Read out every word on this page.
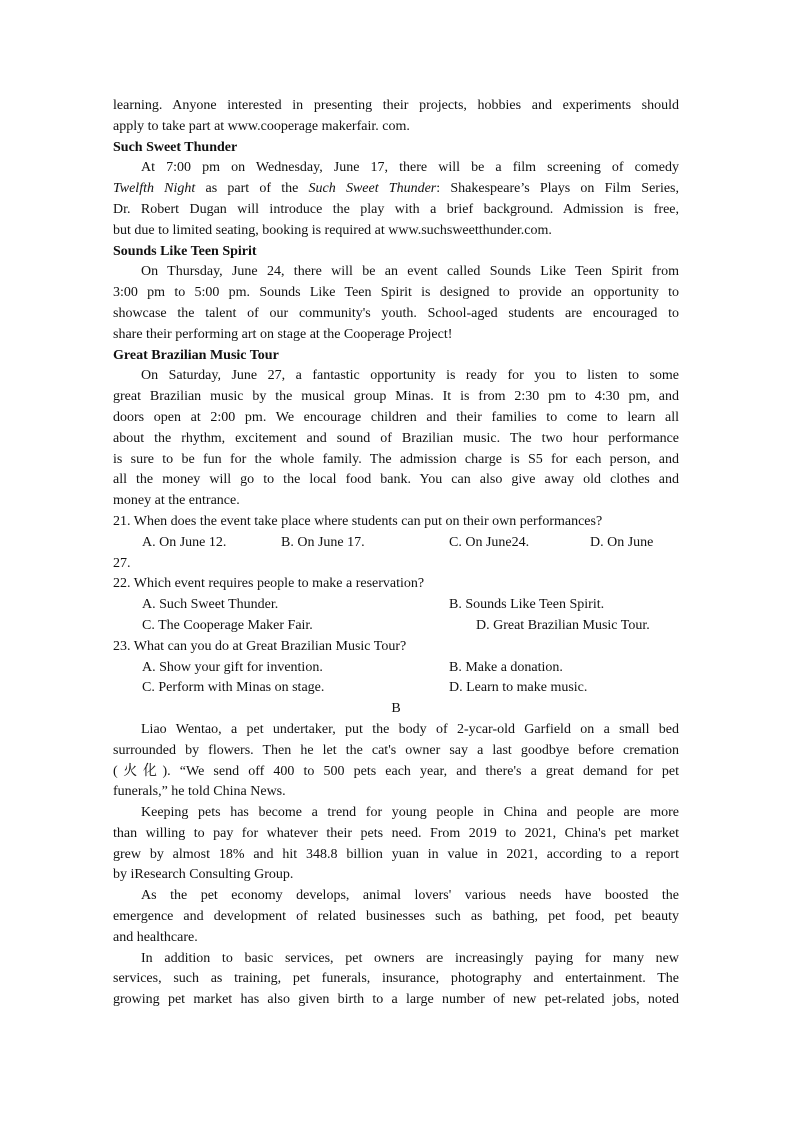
learning. Anyone interested in presenting their projects, hobbies and experiments should
apply to take part at www.cooperage makerfair. com.
Such Sweet Thunder
At 7:00 pm on Wednesday, June 17, there will be a film screening of comedy
Twelfth Night as part of the Such Sweet Thunder: Shakespeare’s Plays on Film Series,
Dr. Robert Dugan will introduce the play with a brief background. Admission is free,
but due to limited seating, booking is required at www.suchsweetthunder.com.
Sounds Like Teen Spirit
On Thursday, June 24, there will be an event called Sounds Like Teen Spirit from
3:00 pm to 5:00 pm. Sounds Like Teen Spirit is designed to provide an opportunity to
showcase the talent of our community's youth. School-aged students are encouraged to
share their performing art on stage at the Cooperage Project!
Great Brazilian Music Tour
On Saturday, June 27, a fantastic opportunity is ready for you to listen to some
great Brazilian music by the musical group Minas. It is from 2:30 pm to 4:30 pm, and
doors open at 2:00 pm. We encourage children and their families to come to learn all
about the rhythm, excitement and sound of Brazilian music. The two hour performance
is sure to be fun for the whole family. The admission charge is S5 for each person, and
all the money will go to the local food bank. You can also give away old clothes and
money at the entrance.
21. When does the event take place where students can put on their own performances?
A. On June 12.	B. On June 17.	C. On June24.	D. On June
27.
22. Which event requires people to make a reservation?
A. Such Sweet Thunder.	B. Sounds Like Teen Spirit.
C. The Cooperage Maker Fair.	D. Great Brazilian Music Tour.
23. What can you do at Great Brazilian Music Tour?
A. Show your gift for invention.	B. Make a donation.
C. Perform with Minas on stage.	D. Learn to make music.
B
Liao Wentao, a pet undertaker, put the body of 2-ycar-old Garfield on a small bed
surrounded by flowers. Then he let the cat's owner say a last goodbye before cremation
(火化). “We send off 400 to 500 pets each year, and there's a great demand for pet
funerals,” he told China News.
Keeping pets has become a trend for young people in China and people are more
than willing to pay for whatever their pets need. From 2019 to 2021, China's pet market
grew by almost 18% and hit 348.8 billion yuan in value in 2021, according to a report
by iResearch Consulting Group.
As the pet economy develops, animal lovers' various needs have boosted the
emergence and development of related businesses such as bathing, pet food, pet beauty
and healthcare.
In addition to basic services, pet owners are increasingly paying for many new
services, such as training, pet funerals, insurance, photography and entertainment. The
growing pet market has also given birth to a large number of new pet-related jobs, noted
